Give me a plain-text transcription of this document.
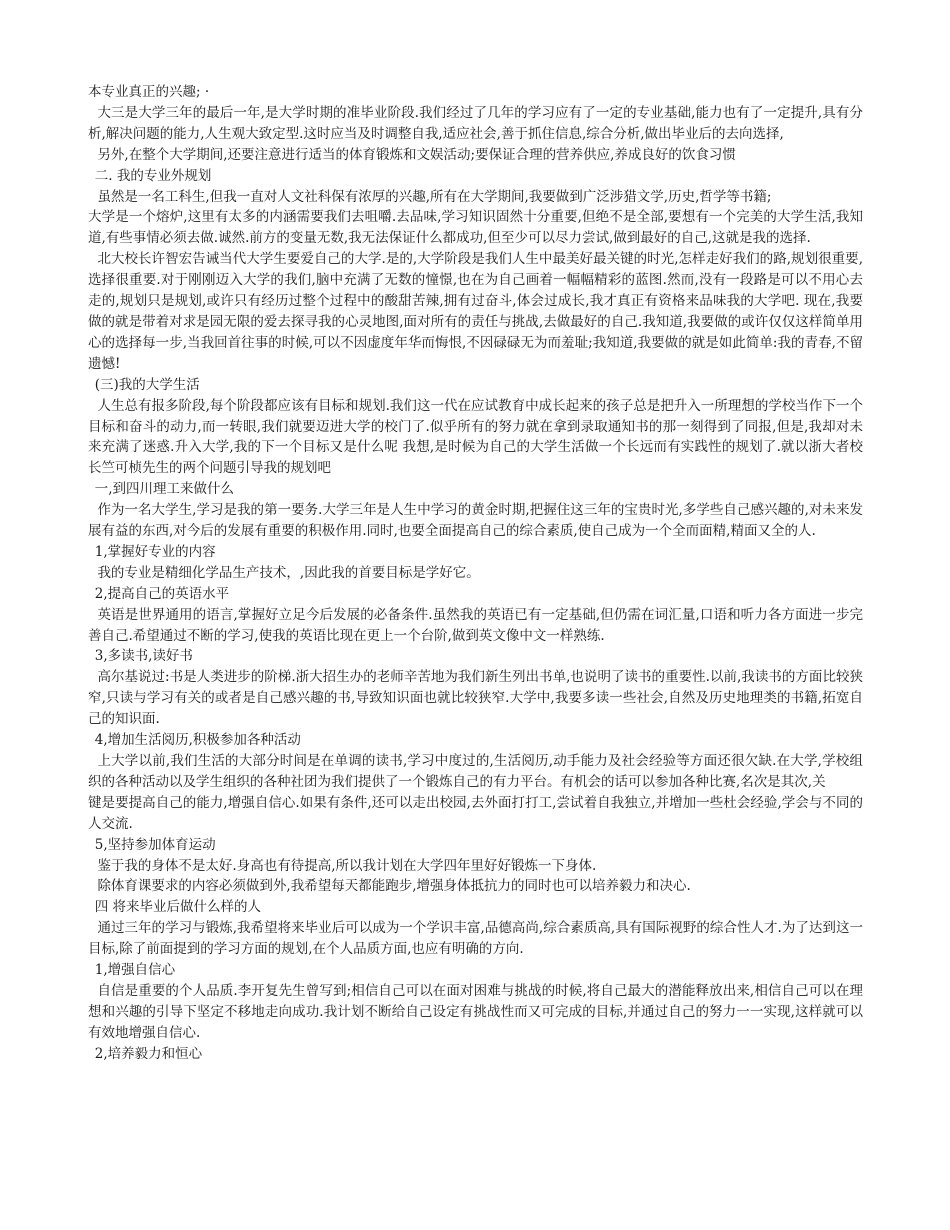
本专业真正的兴趣; ·

大三是大学三年的最后一年,是大学时期的准毕业阶段.我们经过了几年的学习应有了一定的专业基础,能力也有了一定提升,具有分析,解决问题的能力,人生观大致定型.这时应当及时调整自我,适应社会,善于抓住信息,综合分析,做出毕业后的去向选择,

另外,在整个大学期间,还要注意进行适当的体育锻炼和文娱活动;要保证合理的营养供应,养成良好的饮食习惯

二. 我的专业外规划

虽然是一名工科生,但我一直对人文社科保有浓厚的兴趣,所有在大学期间,我要做到广泛涉猎文学,历史,哲学等书籍;

大学是一个熔炉,这里有太多的内涵需要我们去咀嚼.去品味,学习知识固然十分重要,但绝不是全部,要想有一个完美的大学生活,我知道,有些事情必须去做.诚然.前方的变量无数,我无法保证什么都成功,但至少可以尽力尝试,做到最好的自己,这就是我的选择.

北大校长许智宏告诫当代大学生要爱自己的大学.是的,大学阶段是我们人生中最美好最关键的时光,怎样走好我们的路,规划很重要,选择很重要.对于刚刚迈入大学的我们,脑中充满了无数的憧憬,也在为自己画着一幅幅精彩的蓝图.然而,没有一段路是可以不用心去走的,规划只是规划,或许只有经历过整个过程中的酸甜苦辣,拥有过奋斗,体会过成长,我才真正有资格来品味我的大学吧. 现在,我要做的就是带着对求是园无限的爱去探寻我的心灵地图,面对所有的责任与挑战,去做最好的自己.我知道,我要做的或许仅仅这样简单用心的选择每一步,当我回首往事的时候,可以不因虚度年华而悔恨,不因碌碌无为而羞耻;我知道,我要做的就是如此简单:我的青春,不留遗憾!

(三)我的大学生活

人生总有报多阶段,每个阶段都应该有目标和规划.我们这一代在应试教育中成长起来的孩子总是把升入一所理想的学校当作下一个目标和奋斗的动力,而一转眼,我们就要迈进大学的校门了.似乎所有的努力就在拿到录取通知书的那一刻得到了同报,但是,我却对未来充满了迷惑.升入大学,我的下一个目标又是什么呢 我想,是时候为自己的大学生活做一个长远而有实践性的规划了.就以浙大者校长竺可桢先生的两个问题引导我的规划吧

一,到四川理工来做什么

作为一名大学生,学习是我的第一要务.大学三年是人生中学习的黄金时期,把握住这三年的宝贵时光,多学些自己感兴趣的,对未来发展有益的东西,对今后的发展有重要的积极作用.同时,也要全面提高自己的综合素质,使自己成为一个全而面精,精面又全的人.

1,掌握好专业的内容

我的专业是精细化学品生产技术，,因此我的首要目标是学好它。

2,提高自己的英语水平

英语是世界通用的语言,掌握好立足今后发展的必备条件.虽然我的英语已有一定基础,但仍需在词汇量,口语和听力各方面进一步完善自己.希望通过不断的学习,使我的英语比现在更上一个台阶,做到英文像中文一样熟练.

3,多读书,读好书

高尔基说过:书是人类进步的阶梯.浙大招生办的老师辛苦地为我们新生列出书单,也说明了读书的重要性.以前,我读书的方面比较狭窄,只读与学习有关的或者是自己感兴趣的书,导致知识面也就比较狭窄.大学中,我要多读一些社会,自然及历史地理类的书籍,拓宽自己的知识面.

4,增加生活阅历,积极参加各种活动

上大学以前,我们生活的大部分时间是在单调的读书,学习中度过的,生活阅历,动手能力及社会经验等方面还很欠缺.在大学,学校组织的各种活动以及学生组织的各种社团为我们提供了一个锻炼自己的有力平台。有机会的话可以参加各种比赛,名次是其次,关

键是要提高自己的能力,增强自信心.如果有条件,还可以走出校园,去外面打打工,尝试着自我独立,并增加一些杜会经验,学会与不同的人交流.

5,坚持参加体育运动

鉴于我的身体不是太好.身高也有待提高,所以我计划在大学四年里好好锻炼一下身体.

除体育课要求的内容必须做到外,我希望每天都能跑步,增强身体抵抗力的同时也可以培养毅力和决心.

四 将来毕业后做什么样的人

通过三年的学习与锻炼,我希望将来毕业后可以成为一个学识丰富,品德高尚,综合素质高,具有国际视野的综合性人才.为了达到这一目标,除了前面提到的学习方面的规划,在个人品质方面,也应有明确的方向.

1,增强自信心

自信是重要的个人品质.李开复先生曾写到;相信自己可以在面对困难与挑战的时候,将自己最大的潜能释放出来,相信自己可以在理想和兴趣的引导下坚定不移地走向成功.我计划不断给自己设定有挑战性而又可完成的目标,并通过自己的努力一一实现,这样就可以有效地增强自信心.

2,培养毅力和恒心
